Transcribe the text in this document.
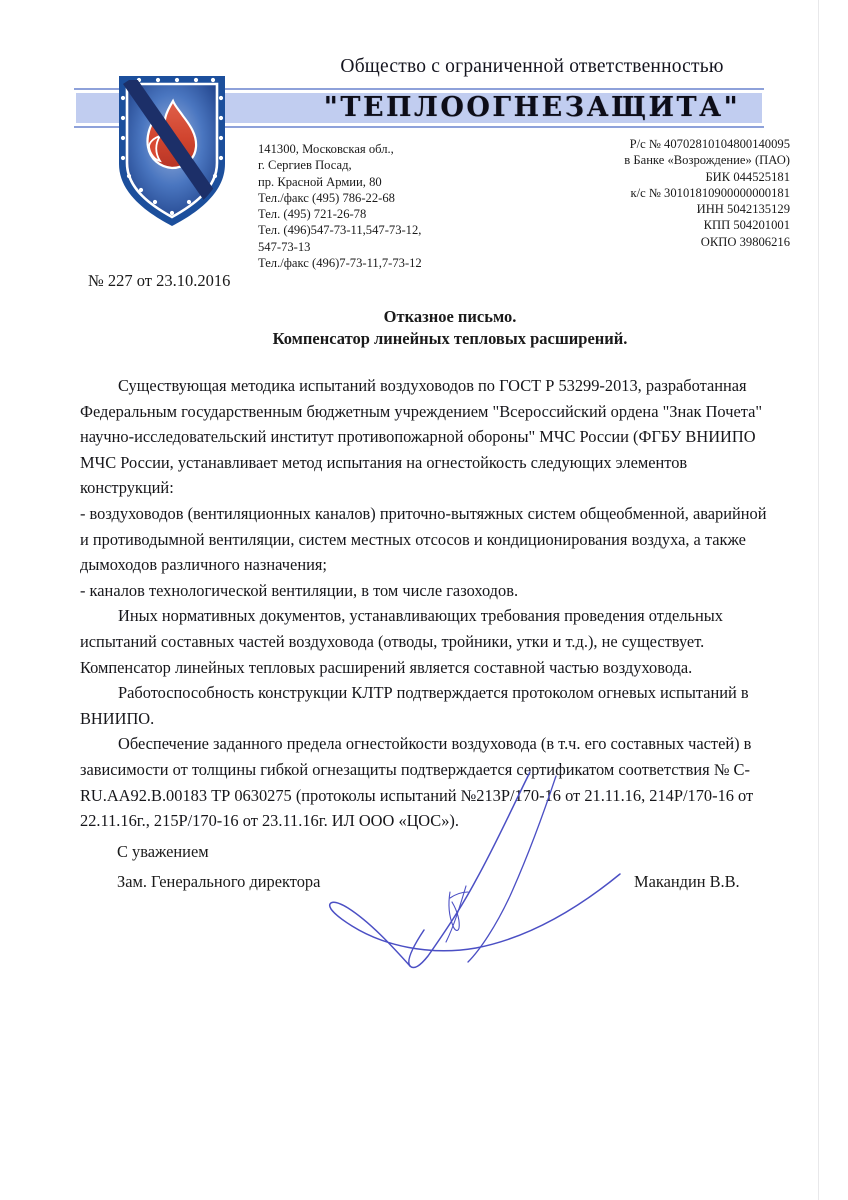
Общество с ограниченной ответственностью
"ТЕПЛООГНЕЗАЩИТА"
141300, Московская обл.,
г. Сергиев Посад,
пр. Красной Армии, 80
Тел./факс (495) 786-22-68
Тел. (495) 721-26-78
Тел. (496)547-73-11,547-73-12,
547-73-13
Тел./факс (496)7-73-11,7-73-12
Р/с № 40702810104800140095
в Банке «Возрождение» (ПАО)
БИК 044525181
к/с № 30101810900000000181
ИНН 5042135129
КПП 504201001
ОКПО 39806216
№ 227 от 23.10.2016
Отказное письмо.
Компенсатор линейных тепловых расширений.

Существующая методика испытаний воздуховодов по ГОСТ Р 53299-2013, разработанная Федеральным государственным бюджетным учреждением "Всероссийский ордена "Знак Почета" научно-исследовательский институт противопожарной обороны" МЧС России (ФГБУ ВНИИПО МЧС России, устанавливает метод испытания на огнестойкость следующих элементов конструкций:

- воздуховодов (вентиляционных каналов) приточно-вытяжных систем общеобменной, аварийной и противодымной вентиляции, систем местных отсосов и кондиционирования воздуха, а также дымоходов различного назначения;

- каналов технологической вентиляции, в том числе газоходов.

Иных нормативных документов, устанавливающих требования проведения отдельных испытаний составных частей воздуховода (отводы, тройники, утки и т.д.), не существует. Компенсатор линейных тепловых расширений является составной частью воздуховода.

Работоспособность конструкции КЛТР подтверждается протоколом огневых испытаний в ВНИИПО.

Обеспечение заданного предела огнестойкости воздуховода (в т.ч. его составных частей) в зависимости от толщины гибкой огнезащиты подтверждается сертификатом соответствия № C-RU.AA92.B.00183 ТР 0630275 (протоколы испытаний №213Р/170-16 от 21.11.16, 214Р/170-16 от 22.11.16г., 215Р/170-16 от 23.11.16г. ИЛ ООО «ЦОС»).

С уважением
Зам. Генерального директора	Макандин В.В.
